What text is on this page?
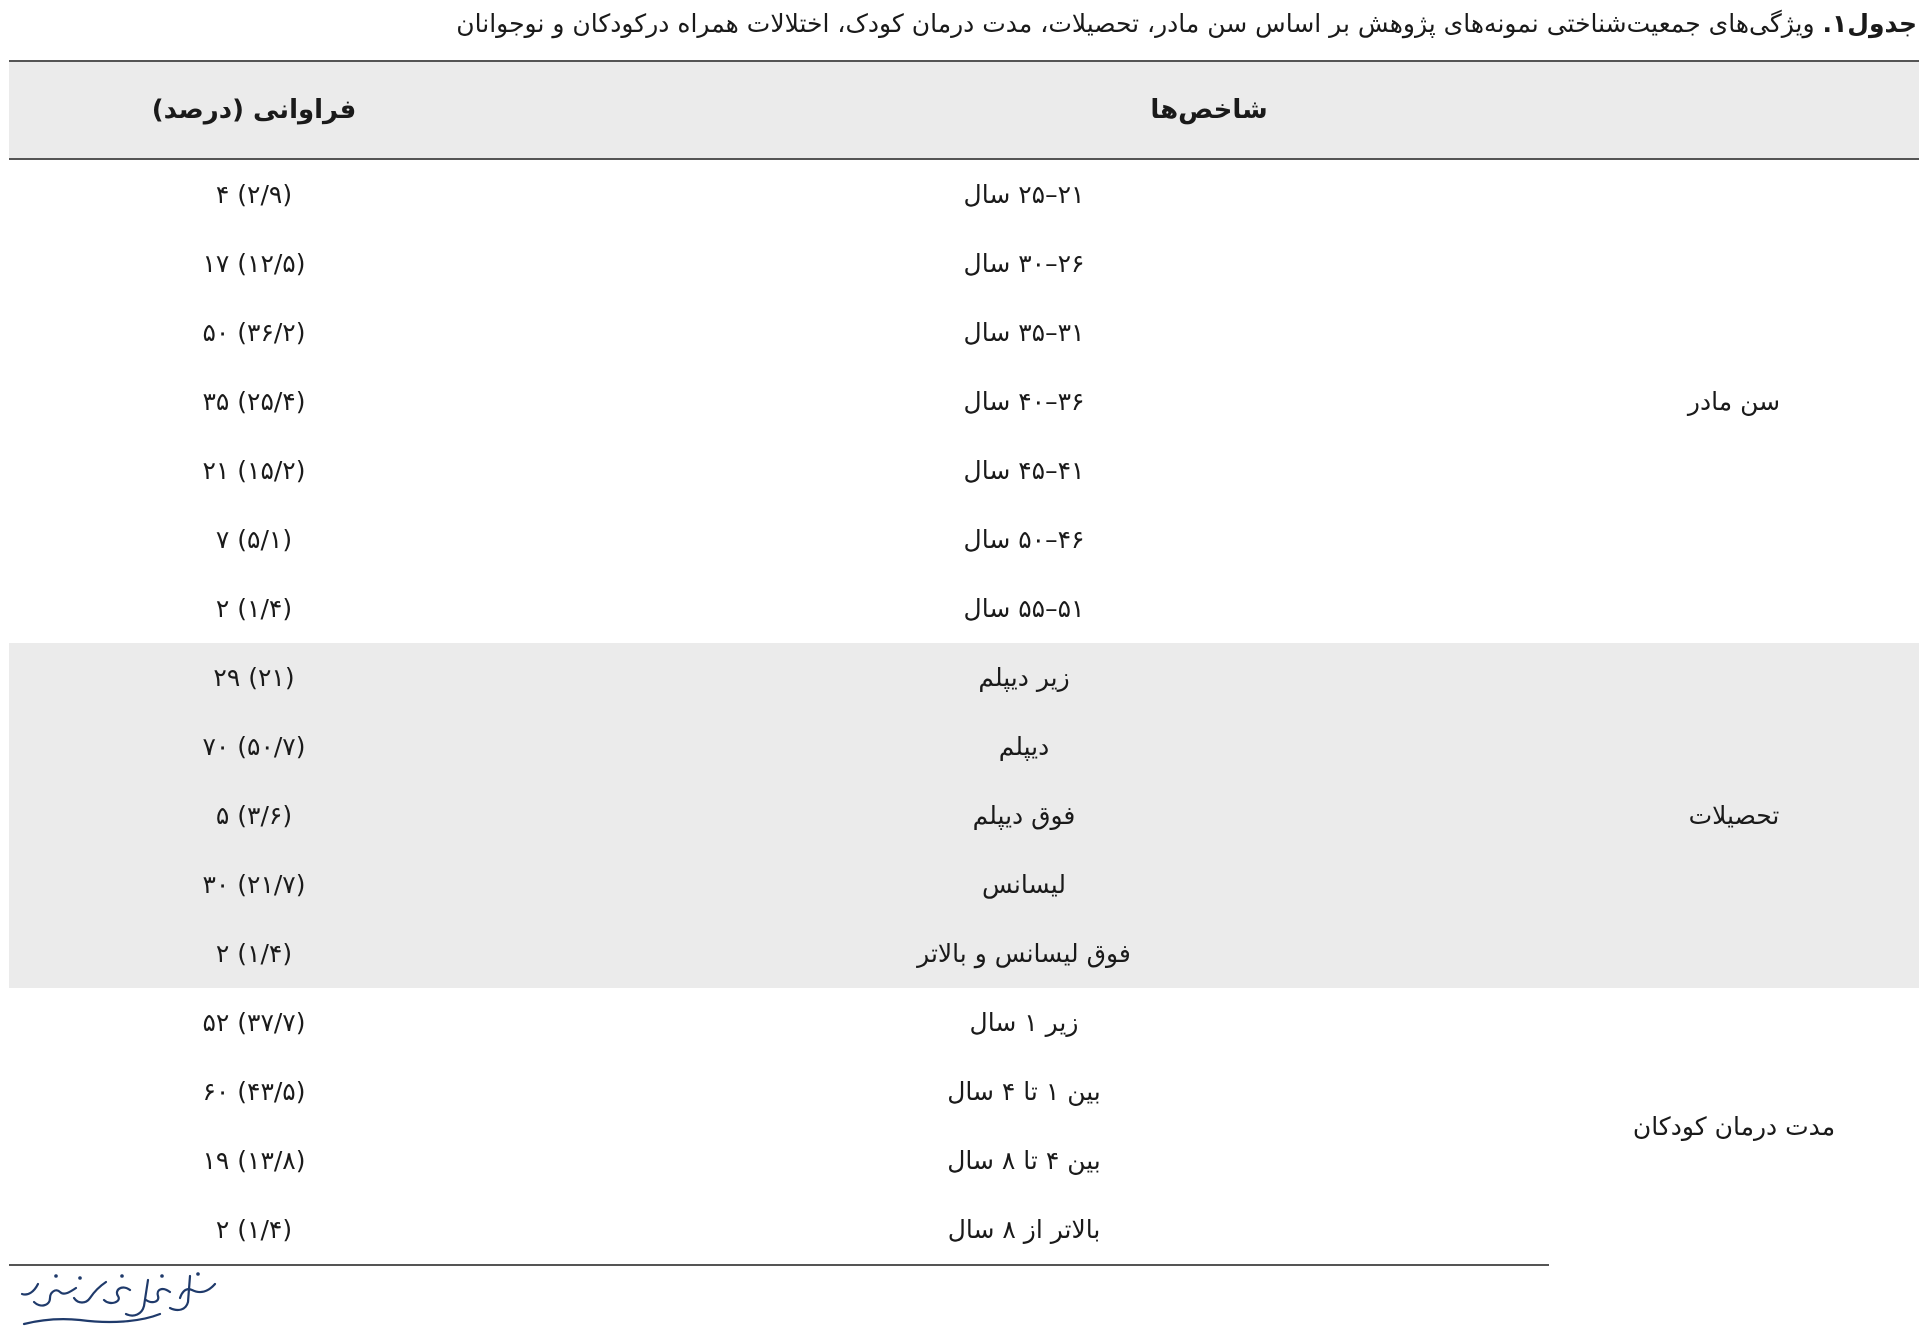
جدول۱. ویژگی‌های جمعیت‌شناختی نمونه‌های پژوهش بر اساس سن مادر، تحصیلات، مدت درمان کودک، اختلالات همراه درکودکان و نوجوانان
شاخص‌ها		فراوانی (درصد)
سن مادر	۲۱–۲۵ سال	(۲/۹) ۴
	۲۶–۳۰ سال	(۱۲/۵) ۱۷
	۳۱–۳۵ سال	(۳۶/۲) ۵۰
	۳۶–۴۰ سال	(۲۵/۴) ۳۵
	۴۱–۴۵ سال	(۱۵/۲) ۲۱
	۴۶–۵۰ سال	(۵/۱) ۷
	۵۱–۵۵ سال	(۱/۴) ۲
تحصیلات	زیر دیپلم	(۲۱) ۲۹
	دیپلم	(۵۰/۷) ۷۰
	فوق دیپلم	(۳/۶) ۵
	لیسانس	(۲۱/۷) ۳۰
	فوق لیسانس و بالاتر	(۱/۴) ۲
مدت درمان کودکان	زیر ۱ سال	(۳۷/۷) ۵۲
	بین ۱ تا ۴ سال	(۴۳/۵) ۶۰
	بین ۴ تا ۸ سال	(۱۳/۸) ۱۹
	بالاتر از ۸ سال	(۱/۴) ۲
